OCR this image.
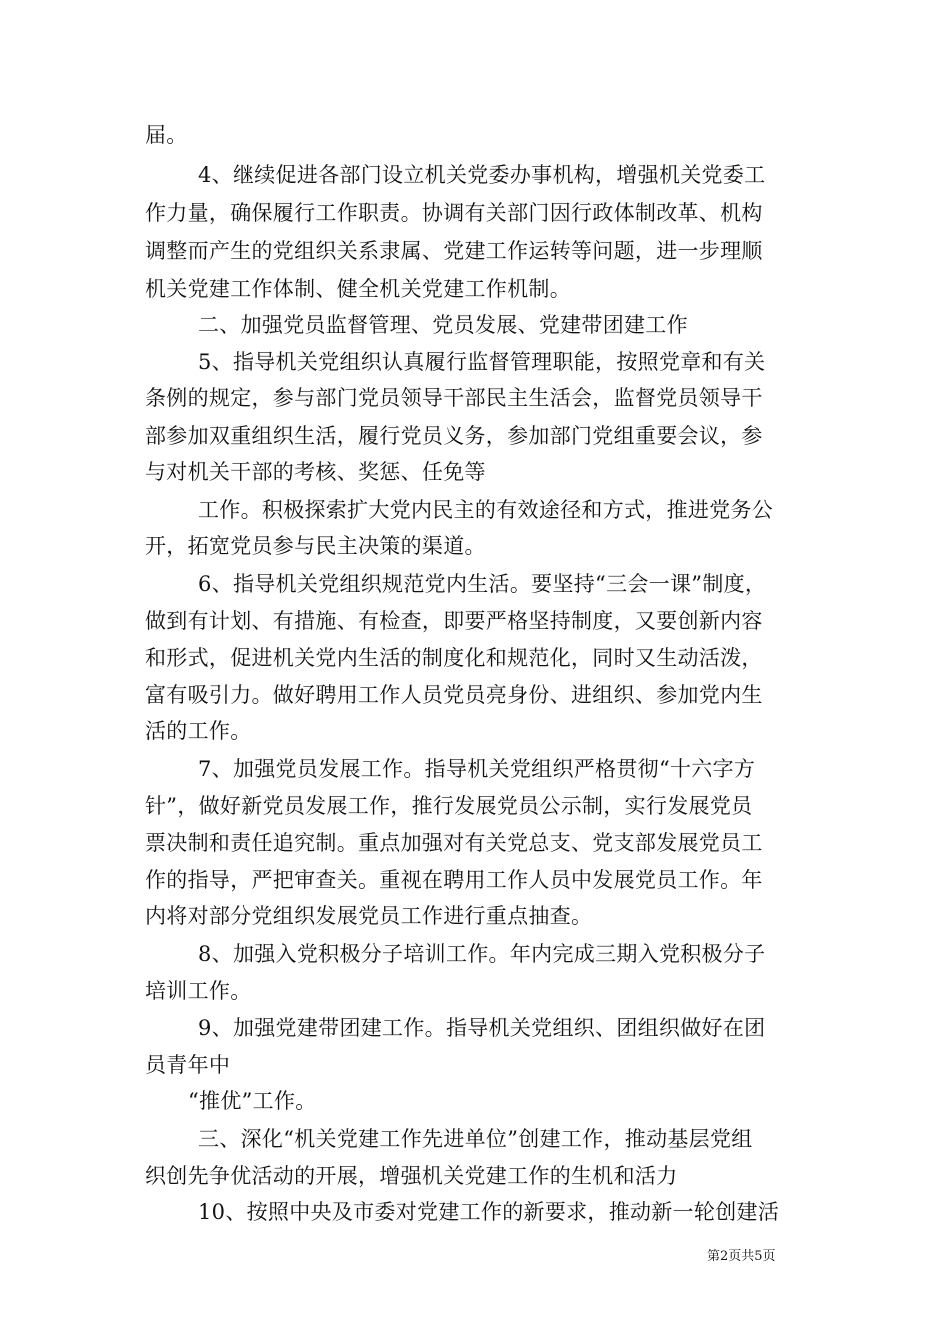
届。
4、继续促进各部门设立机关党委办事机构，增强机关党委工
作力量，确保履行工作职责。协调有关部门因行政体制改革、机构
调整而产生的党组织关系隶属、党建工作运转等问题，进一步理顺
机关党建工作体制、健全机关党建工作机制。
二、加强党员监督管理、党员发展、党建带团建工作
5、指导机关党组织认真履行监督管理职能，按照党章和有关
条例的规定，参与部门党员领导干部民主生活会，监督党员领导干
部参加双重组织生活，履行党员义务，参加部门党组重要会议，参
与对机关干部的考核、奖惩、任免等
工作。积极探索扩大党内民主的有效途径和方式，推进党务公
开，拓宽党员参与民主决策的渠道。
6、指导机关党组织规范党内生活。要坚持“三会一课”制度，
做到有计划、有措施、有检查，即要严格坚持制度，又要创新内容
和形式，促进机关党内生活的制度化和规范化，同时又生动活泼，
富有吸引力。做好聘用工作人员党员亮身份、进组织、参加党内生
活的工作。
7、加强党员发展工作。指导机关党组织严格贯彻“十六字方
针”，做好新党员发展工作，推行发展党员公示制，实行发展党员
票决制和责任追究制。重点加强对有关党总支、党支部发展党员工
作的指导，严把审查关。重视在聘用工作人员中发展党员工作。年
内将对部分党组织发展党员工作进行重点抽查。
8、加强入党积极分子培训工作。年内完成三期入党积极分子
培训工作。
9、加强党建带团建工作。指导机关党组织、团组织做好在团
员青年中
“推优”工作。
三、深化“机关党建工作先进单位”创建工作，推动基层党组
织创先争优活动的开展，增强机关党建工作的生机和活力
10、按照中央及市委对党建工作的新要求，推动新一轮创建活
第2页共5页
